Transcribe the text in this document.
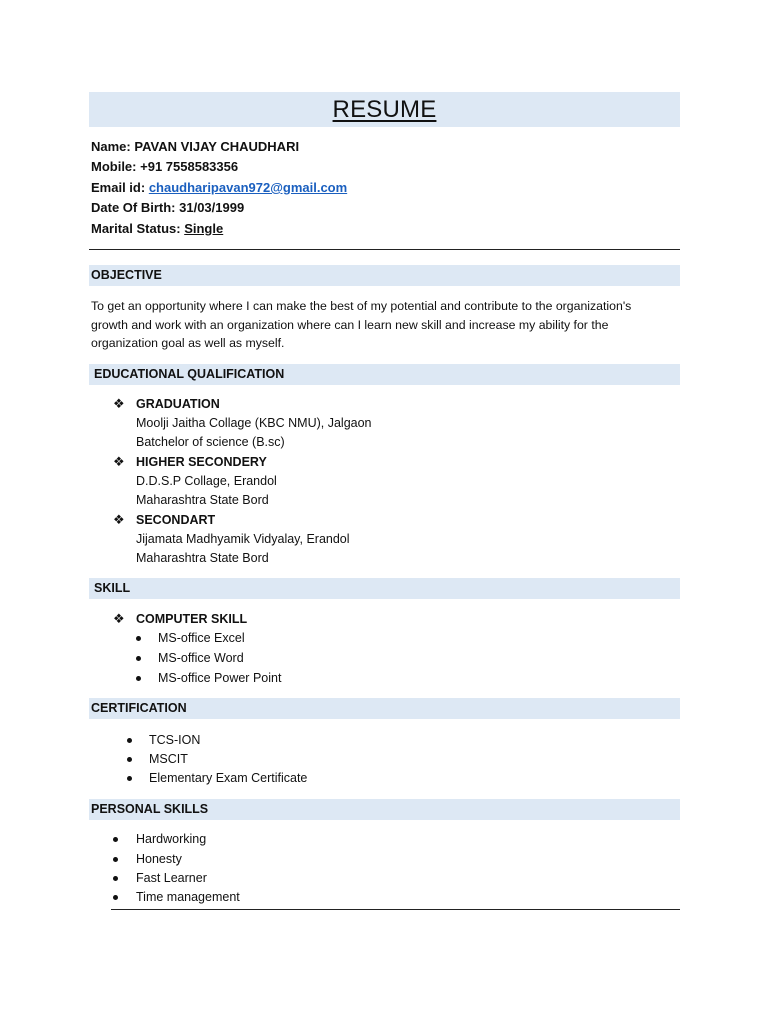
RESUME
Name: PAVAN VIJAY CHAUDHARI
Mobile: +91 7558583356
Email id: chaudharipavan972@gmail.com
Date Of Birth: 31/03/1999
Marital Status: Single
OBJECTIVE
To get an opportunity where I can make the best of my potential and contribute to the organization's growth and work with an organization where can I learn new skill and increase my ability for the organization goal as well as myself.
EDUCATIONAL QUALIFICATION
❖ GRADUATION
Moolji Jaitha Collage (KBC NMU), Jalgaon
Batchelor of science (B.sc)
❖ HIGHER SECONDERY
D.D.S.P Collage, Erandol
Maharashtra State Bord
❖ SECONDART
Jijamata Madhyamik Vidyalay, Erandol
Maharashtra State Bord
SKILL
❖ COMPUTER SKILL
MS-office Excel
MS-office Word
MS-office Power Point
CERTIFICATION
TCS-ION
MSCIT
Elementary Exam Certificate
PERSONAL SKILLS
Hardworking
Honesty
Fast Learner
Time management
